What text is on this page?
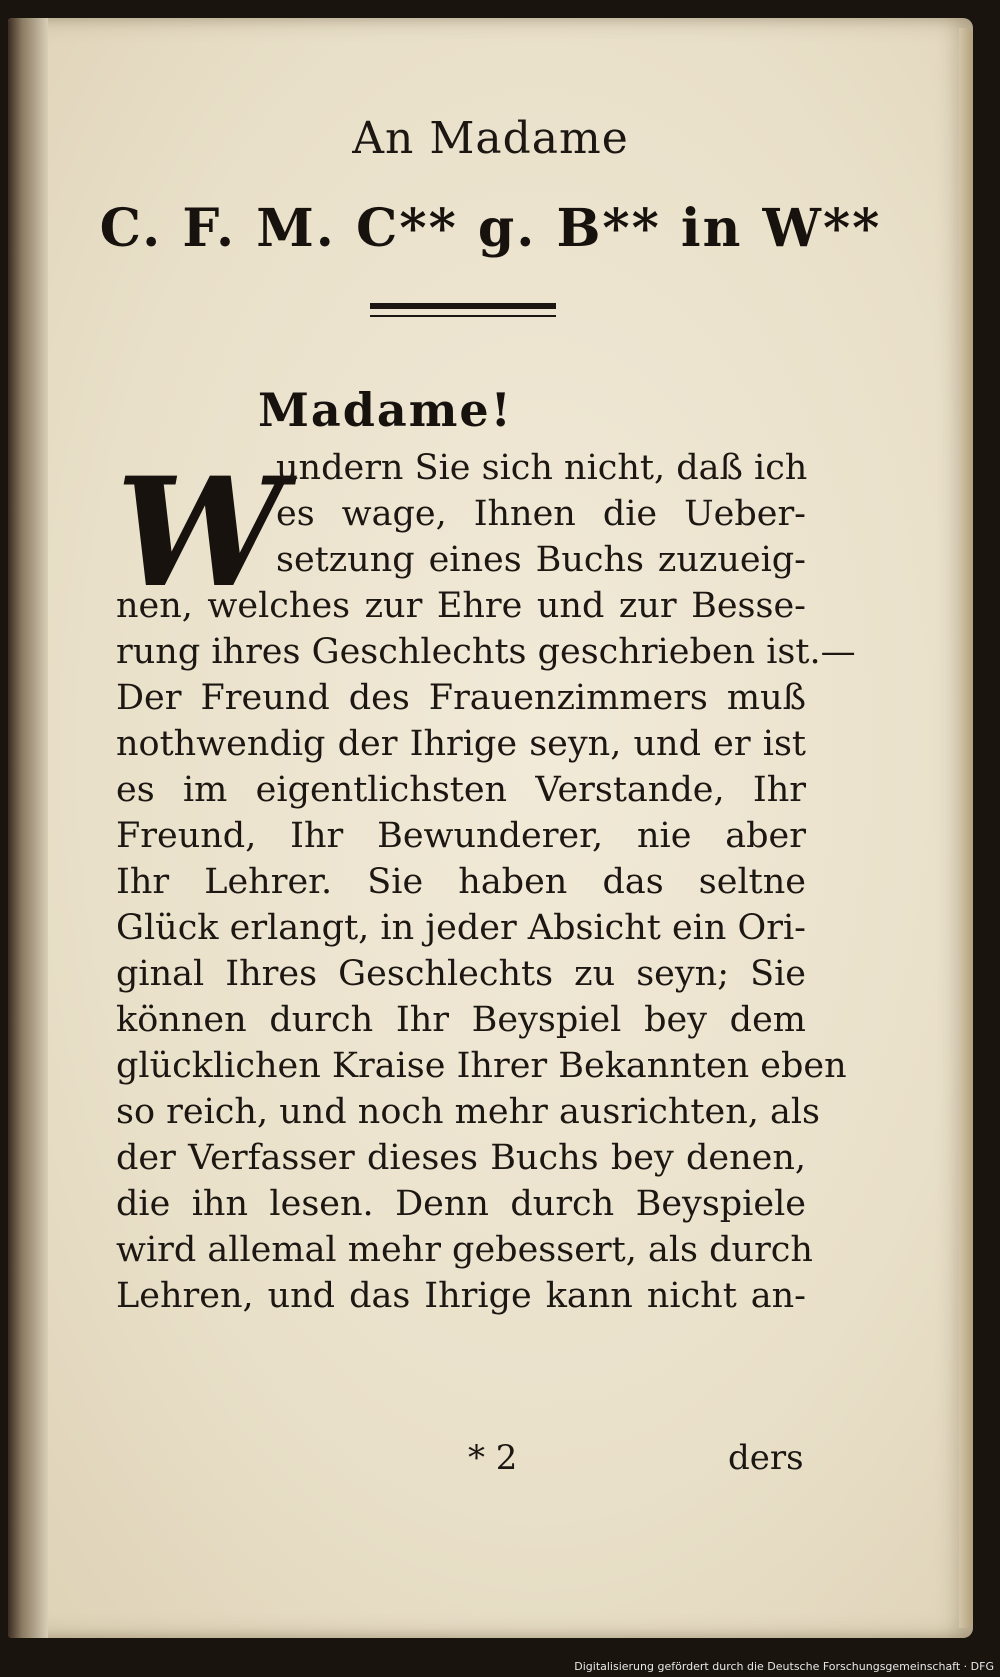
An Madame
C. F. M. C** g. B** in W**
Madame!
W
undern Sie sich nicht, daß ich
es wage, Ihnen die Ueber-
setzung eines Buchs zuzueig-
nen, welches zur Ehre und zur Besse-
rung ihres Geschlechts geschrieben ist.—
Der Freund des Frauenzimmers muß
nothwendig der Ihrige seyn, und er ist
es im eigentlichsten Verstande, Ihr
Freund, Ihr Bewunderer, nie aber
Ihr Lehrer. Sie haben das seltne
Glück erlangt, in jeder Absicht ein Ori-
ginal Ihres Geschlechts zu seyn; Sie
können durch Ihr Beyspiel bey dem
glücklichen Kraise Ihrer Bekannten eben
so reich, und noch mehr ausrichten, als
der Verfasser dieses Buchs bey denen,
die ihn lesen. Denn durch Beyspiele
wird allemal mehr gebessert, als durch
Lehren, und das Ihrige kann nicht an-
* 2	ders
Digitalisierung gefördert durch die Deutsche Forschungsgemeinschaft · DFG
